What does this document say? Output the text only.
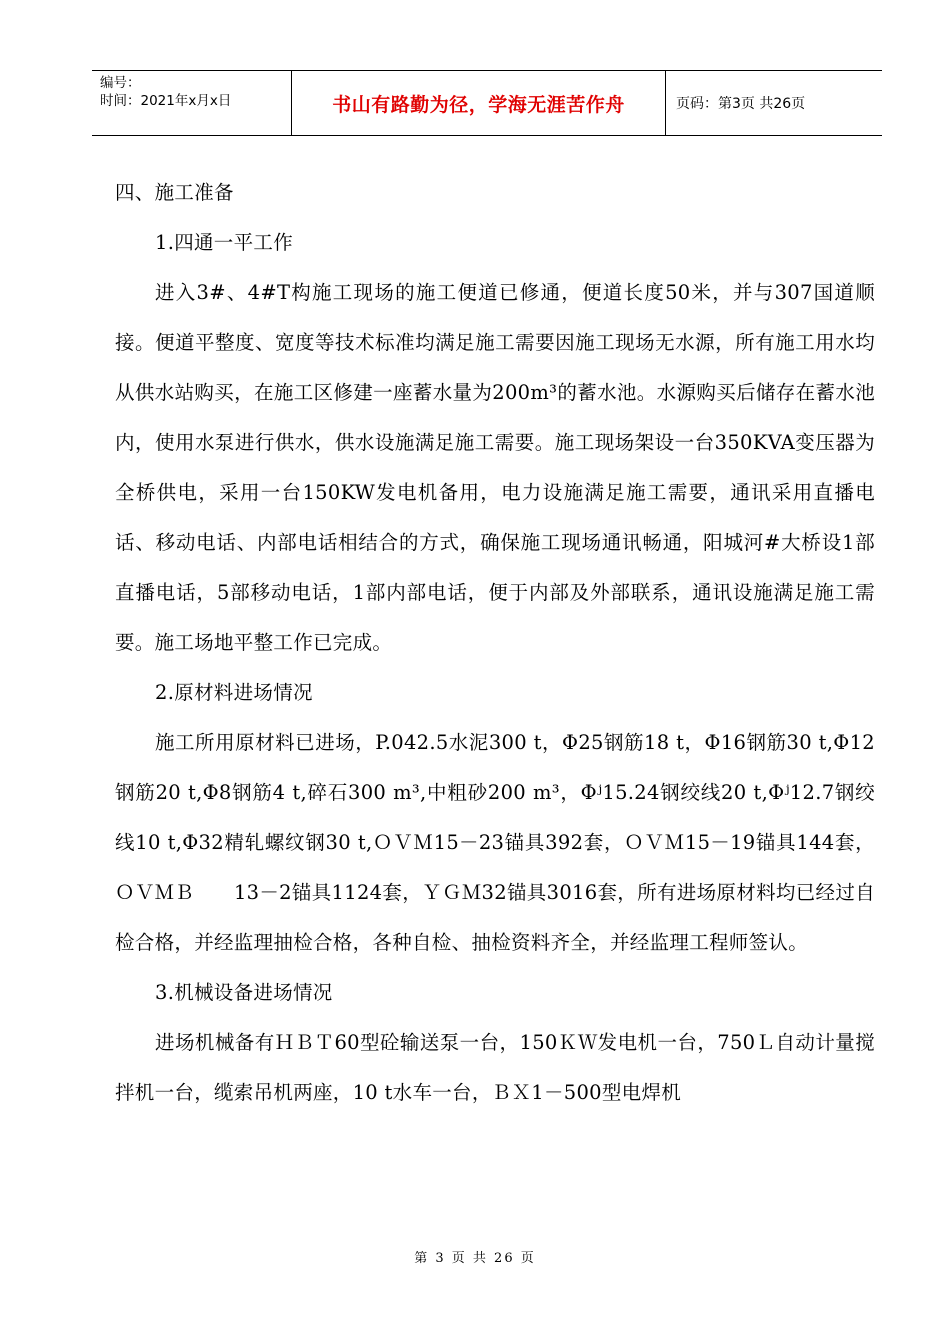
编号：
时间：2021年x月x日	书山有路勤为径，学海无涯苦作舟	页码：第3页 共26页

四、施工准备

1.四通一平工作

进入3#、4#T构施工现场的施工便道已修通，便道长度50米，并与307国道顺接。便道平整度、宽度等技术标准均满足施工需要因施工现场无水源，所有施工用水均从供水站购买，在施工区修建一座蓄水量为200m³的蓄水池。水源购买后储存在蓄水池内，使用水泵进行供水，供水设施满足施工需要。施工现场架设一台350KVA变压器为全桥供电，采用一台150KW发电机备用，电力设施满足施工需要，通讯采用直播电话、移动电话、内部电话相结合的方式，确保施工现场通讯畅通，阳城河#大桥设1部直播电话，5部移动电话，1部内部电话，便于内部及外部联系，通讯设施满足施工需要。施工场地平整工作已完成。

2.原材料进场情况

施工所用原材料已进场，P.042.5水泥300 t，Φ25钢筋18 t，Φ16钢筋30 t,Φ12钢筋20 t,Φ8钢筋4 t,碎石300 m³,中粗砂200 m³，Φʲ15.24钢绞线20 t,Φʲ12.7钢绞线10 t,Φ32精轧螺纹钢30 t,ＯＶＭ15－23锚具392套，ＯＶＭ15－19锚具144套，ＯＶＭＢ　　13－2锚具1124套，ＹＧＭ32锚具3016套，所有进场原材料均已经过自检合格，并经监理抽检合格，各种自检、抽检资料齐全，并经监理工程师签认。

3.机械设备进场情况

进场机械备有ＨＢＴ60型砼输送泵一台，150ＫＷ发电机一台，750Ｌ自动计量搅拌机一台，缆索吊机两座，10 t水车一台，ＢＸ1－500型电焊机

第 3 页 共 26 页
